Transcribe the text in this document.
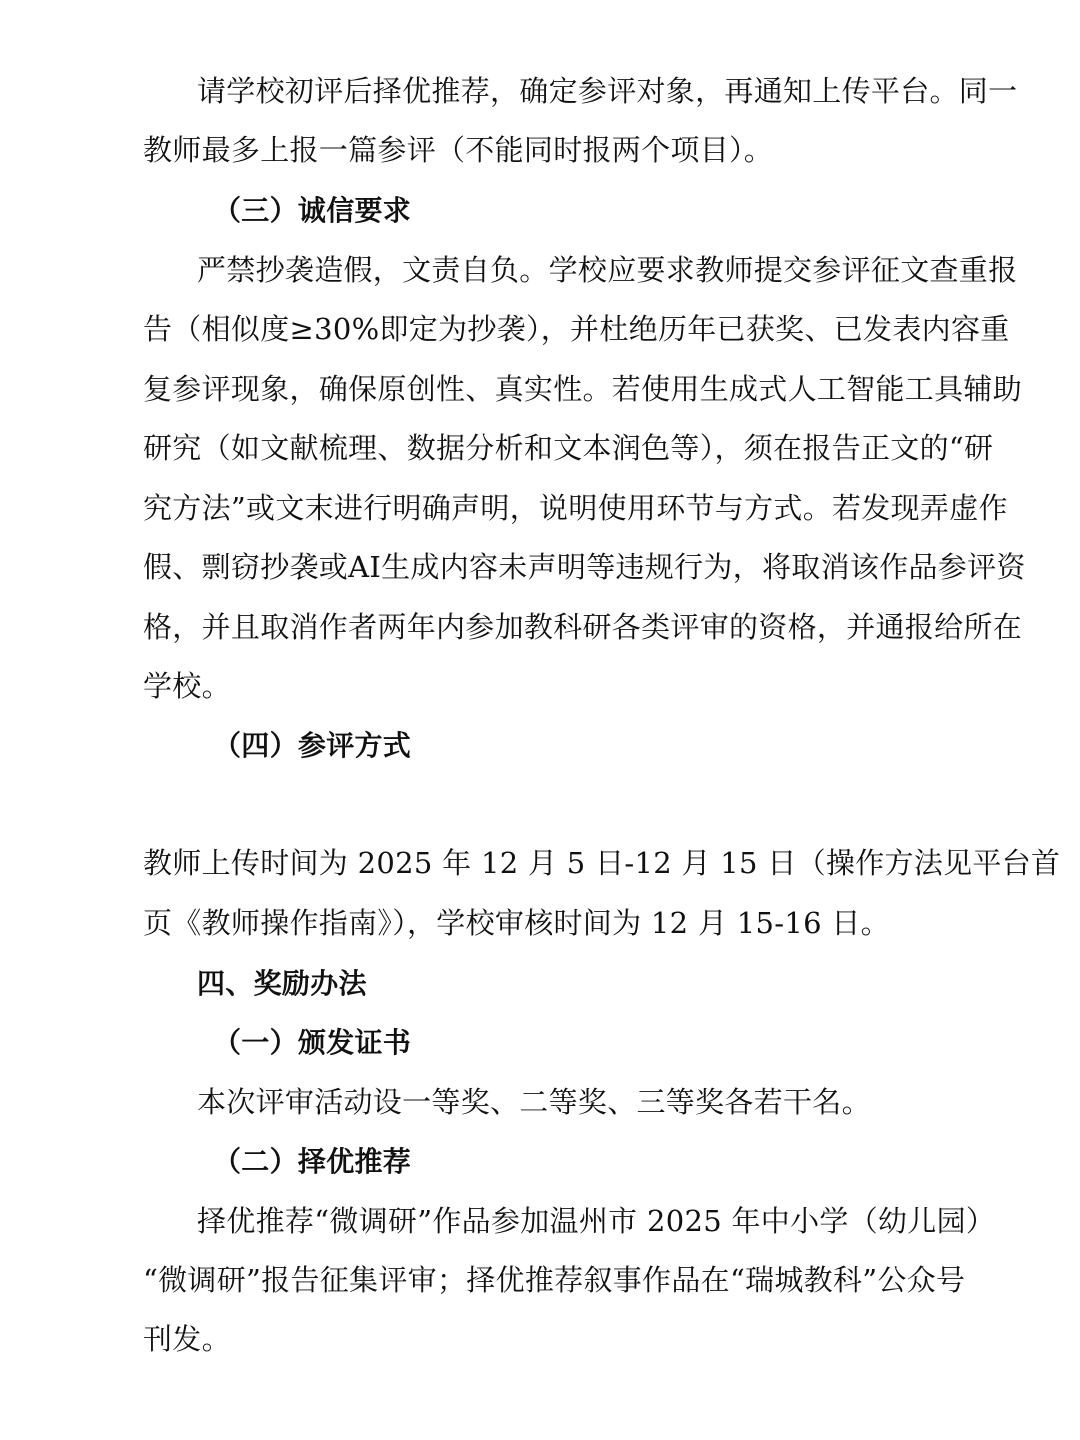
请学校初评后择优推荐，确定参评对象，再通知上传平台。同一
教师最多上报一篇参评（不能同时报两个项目）。
（三）诚信要求
严禁抄袭造假，文责自负。学校应要求教师提交参评征文查重报
告（相似度≥30%即定为抄袭），并杜绝历年已获奖、已发表内容重
复参评现象，确保原创性、真实性。若使用生成式人工智能工具辅助
研究（如文献梳理、数据分析和文本润色等），须在报告正文的“研
究方法”或文末进行明确声明，说明使用环节与方式。若发现弄虚作
假、剽窃抄袭或AI生成内容未声明等违规行为，将取消该作品参评资
格，并且取消作者两年内参加教科研各类评审的资格，并通报给所在
学校。
（四）参评方式
教师上传时间为 2025 年 12 月 5 日-12 月 15 日（操作方法见平台首
页《教师操作指南》），学校审核时间为 12 月 15-16 日。
四、奖励办法
（一）颁发证书
本次评审活动设一等奖、二等奖、三等奖各若干名。
（二）择优推荐
择优推荐“微调研”作品参加温州市 2025 年中小学（幼儿园）
“微调研”报告征集评审；择优推荐叙事作品在“瑞城教科”公众号
刊发。
